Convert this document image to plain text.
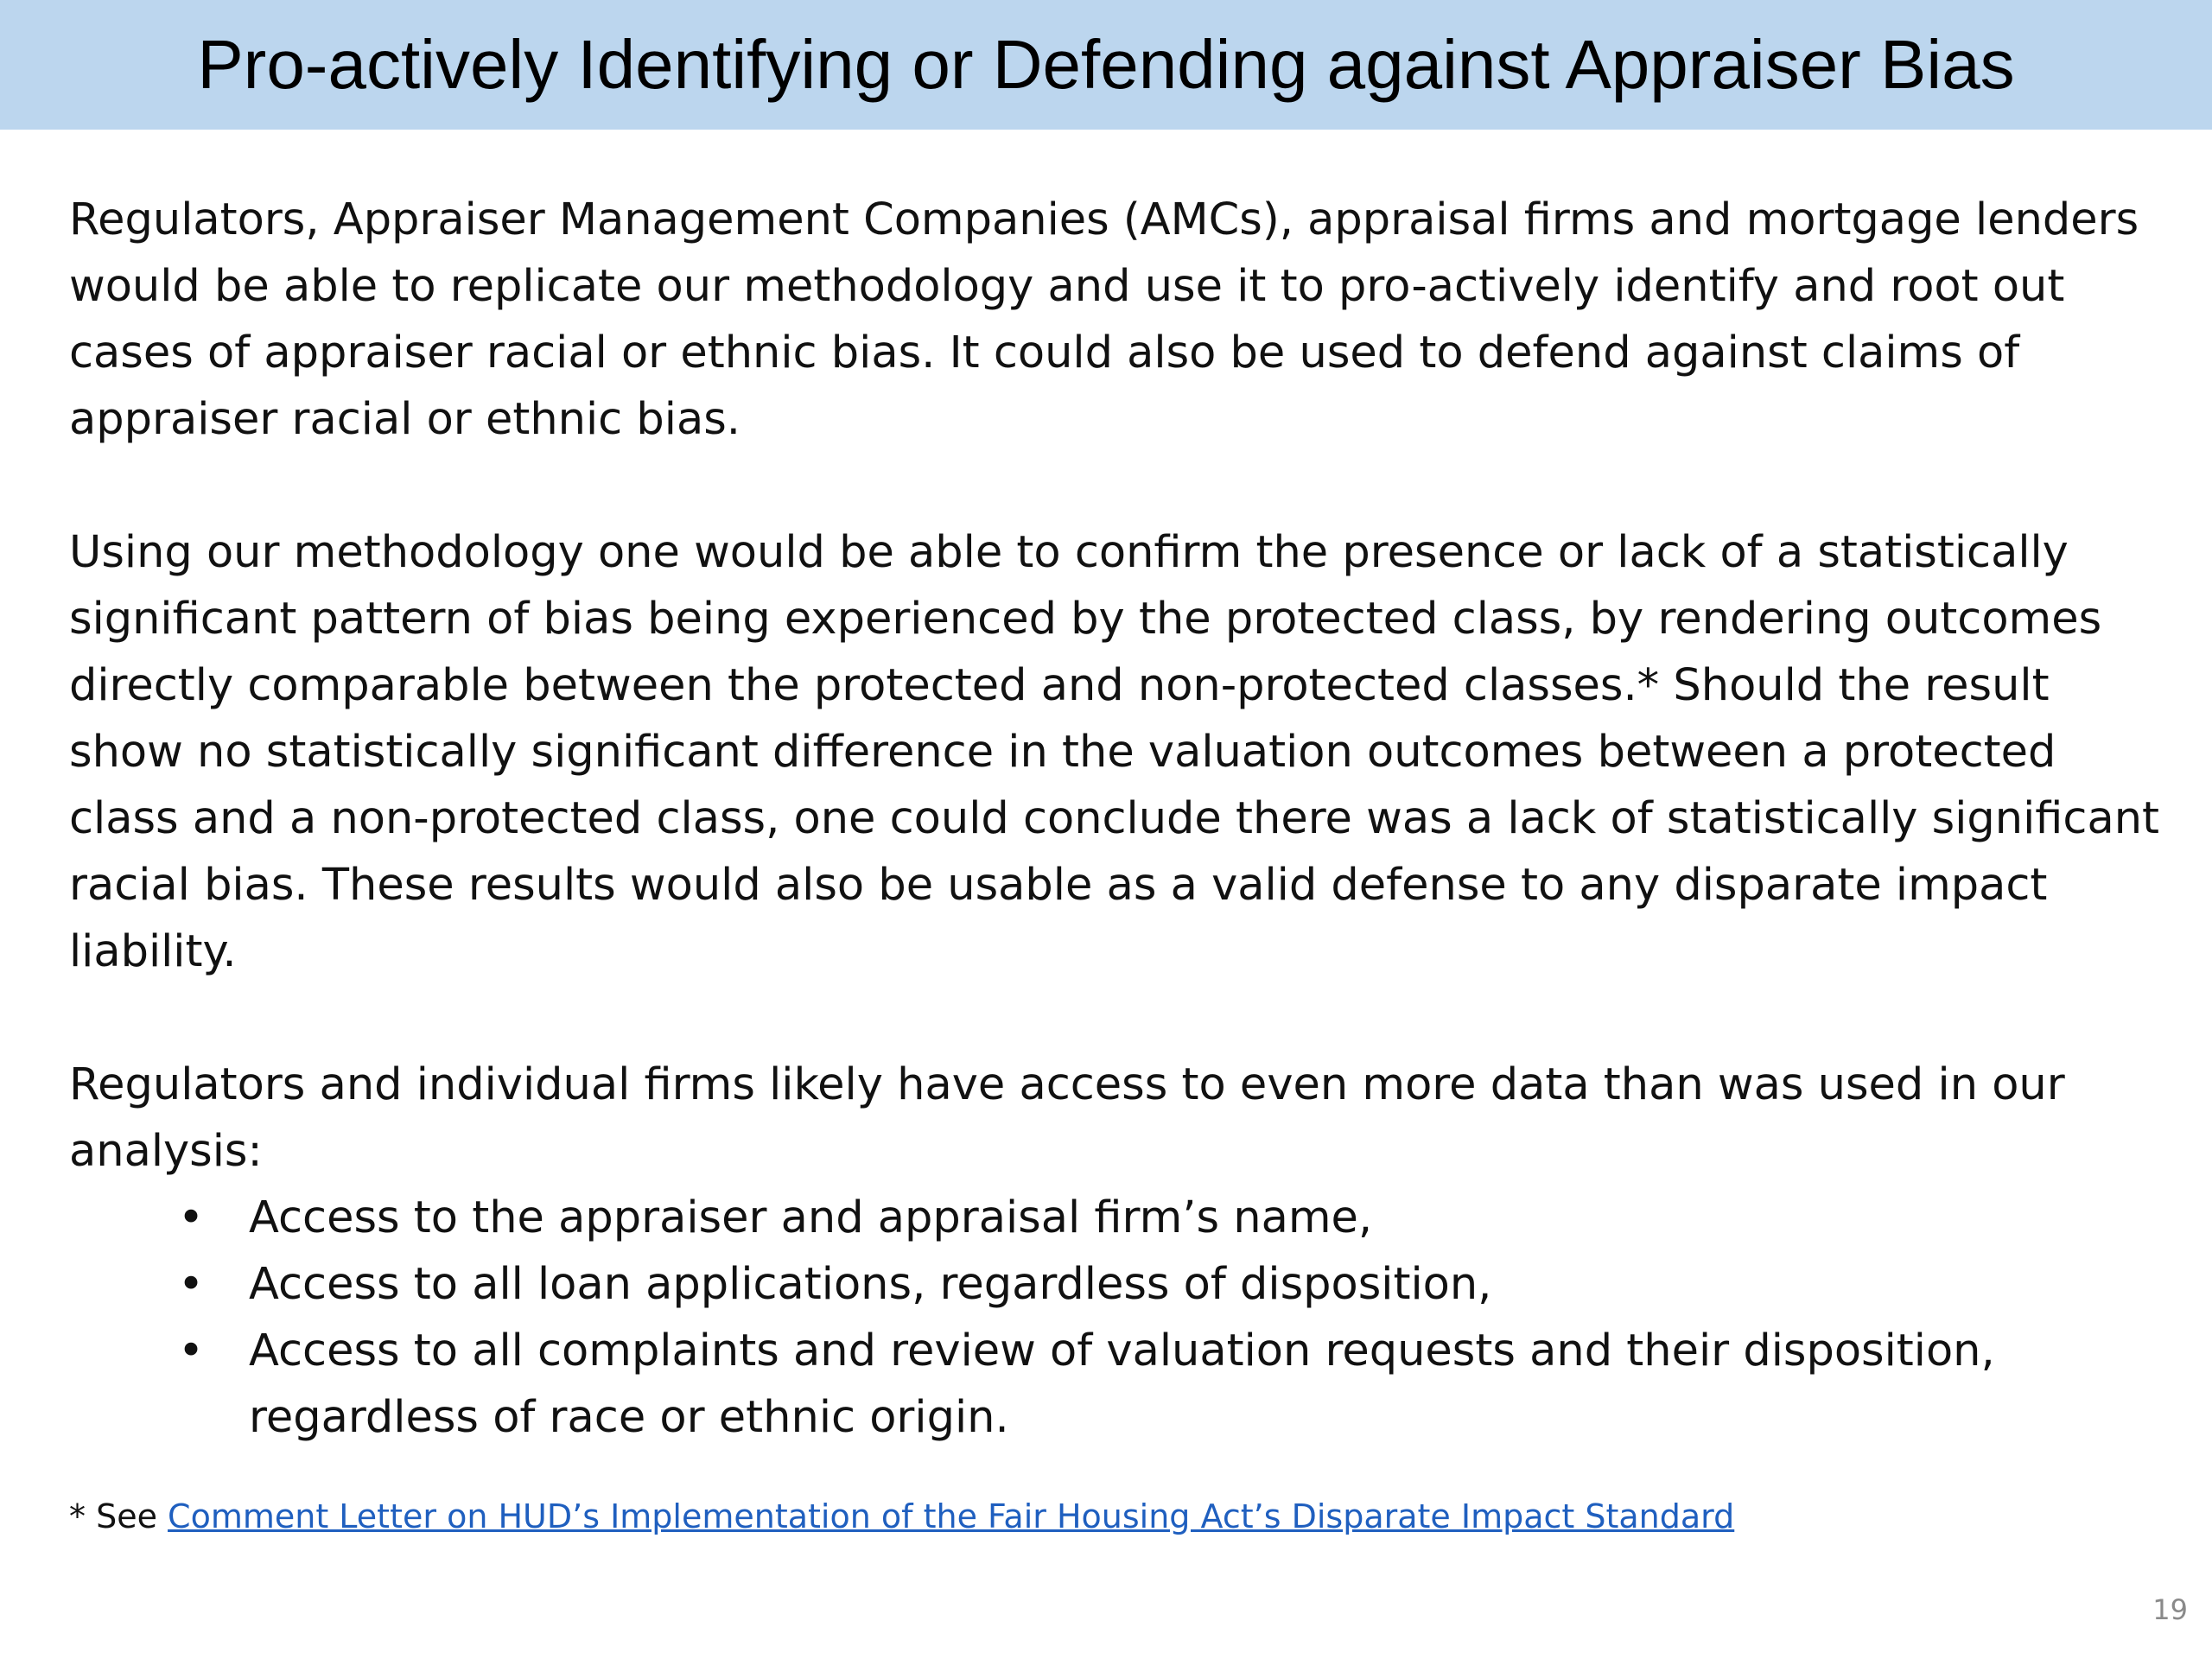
Pro-actively Identifying or Defending against Appraiser Bias

Regulators, Appraiser Management Companies (AMCs), appraisal firms and mortgage lenders would be able to replicate our methodology and use it to pro-actively identify and root out cases of appraiser racial or ethnic bias. It could also be used to defend against claims of appraiser racial or ethnic bias.

Using our methodology one would be able to confirm the presence or lack of a statistically significant pattern of bias being experienced by the protected class, by rendering outcomes directly comparable between the protected and non-protected classes.* Should the result show no statistically significant difference in the valuation outcomes between a protected class and a non-protected class, one could conclude there was a lack of statistically significant racial bias. These results would also be usable as a valid defense to any disparate impact liability.

Regulators and individual firms likely have access to even more data than was used in our analysis:

• Access to the appraiser and appraisal firm’s name,
• Access to all loan applications, regardless of disposition,
• Access to all complaints and review of valuation requests and their disposition, regardless of race or ethnic origin.
* See Comment Letter on HUD’s Implementation of the Fair Housing Act’s Disparate Impact Standard
19
